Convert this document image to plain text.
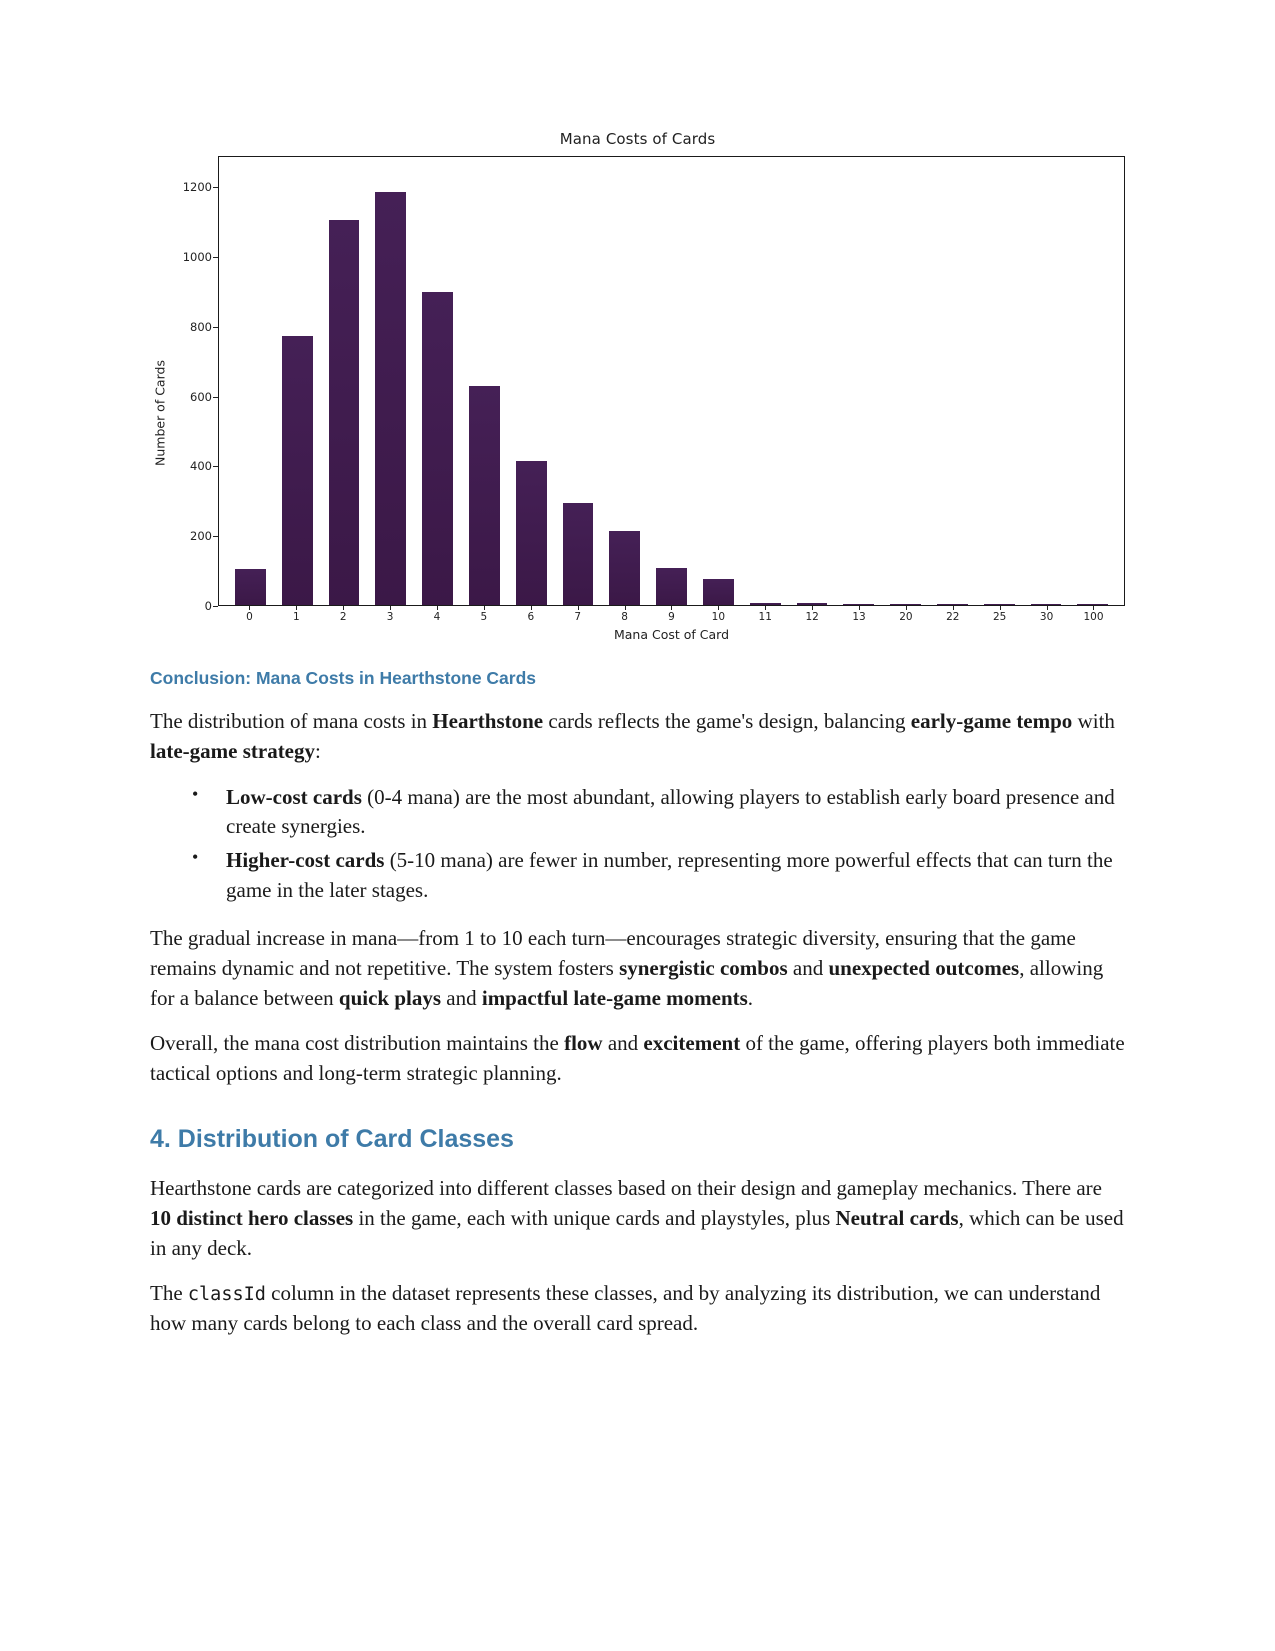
Mana Costs of Cards
Number of Cards
0
200
400
600
800
1000
1200
0	1	2	3	4	5	6	7	8	9	10	11	12	13	20	22	25	30	100
Mana Cost of Card
Conclusion: Mana Costs in Hearthstone Cards

The distribution of mana costs in Hearthstone cards reflects the game's design, balancing early-game tempo with late-game strategy:

• Low-cost cards (0-4 mana) are the most abundant, allowing players to establish early board presence and create synergies.
• Higher-cost cards (5-10 mana) are fewer in number, representing more powerful effects that can turn the game in the later stages.

The gradual increase in mana—from 1 to 10 each turn—encourages strategic diversity, ensuring that the game remains dynamic and not repetitive. The system fosters synergistic combos and unexpected outcomes, allowing for a balance between quick plays and impactful late-game moments.

Overall, the mana cost distribution maintains the flow and excitement of the game, offering players both immediate tactical options and long-term strategic planning.

4. Distribution of Card Classes

Hearthstone cards are categorized into different classes based on their design and gameplay mechanics. There are 10 distinct hero classes in the game, each with unique cards and playstyles, plus Neutral cards, which can be used in any deck.

The classId column in the dataset represents these classes, and by analyzing its distribution, we can understand how many cards belong to each class and the overall card spread.
